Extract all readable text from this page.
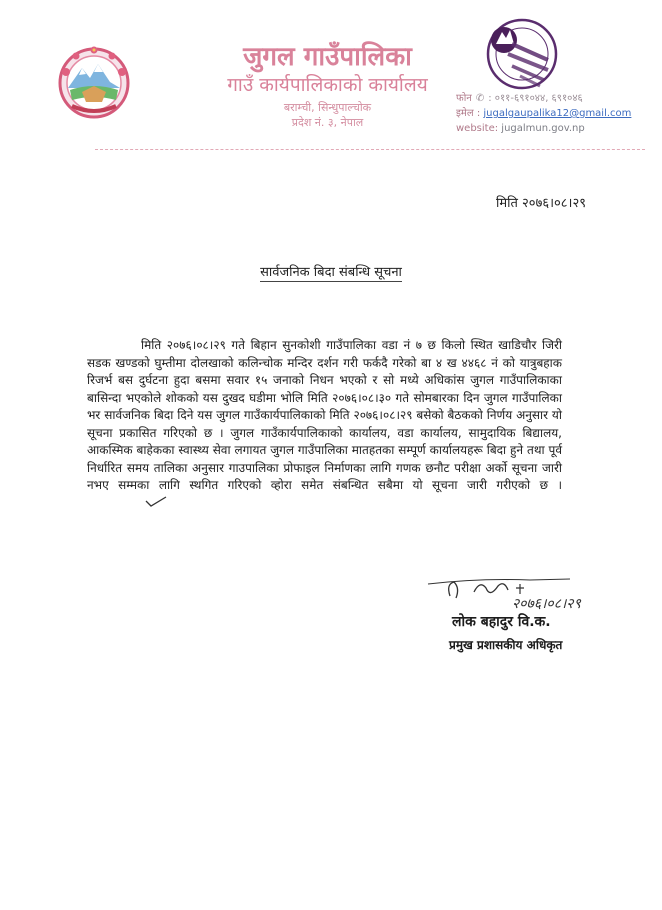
जुगल गाउँपालिका
गाउँ कार्यपालिकाको कार्यालय
बराम्ची, सिन्धुपाल्चोक
प्रदेश नं. ३, नेपाल
फोन ✆ : ०११-६९१०४४, ६९१०४६
इमेल : jugalgaupalika12@gmail.com
website: jugalmun.gov.np
मिति २०७६।०८।२९
सार्वजनिक बिदा संबन्धि सूचना
मिति २०७६।०८।२९ गते बिहान सुनकोशी गाउँपालिका वडा नं ७ छ किलो स्थित खाडिचौर जिरी सडक खण्डको घुम्तीमा दोलखाको कलिन्चोक मन्दिर दर्शन गरी फर्कदै गरेको बा ४ ख ४४६८ नं को यात्रुबहाक रिजर्भ बस दुर्घटना हुदा बसमा सवार १५ जनाको निधन भएको र सो मध्ये अधिकांस जुगल गाउँपालिकाका बासिन्दा भएकोले शोकको यस दुखद घडीमा भोलि मिति २०७६।०८।३० गते सोमबारका दिन जुगल गाउँपालिका भर सार्वजनिक बिदा दिने यस जुगल गाउँकार्यपालिकाको मिति २०७६।०८।२९ बसेको बैठकको निर्णय अनुसार यो सूचना प्रकासित गरिएको छ । जुगल गाउँकार्यपालिकाको कार्यालय, वडा कार्यालय, सामुदायिक बिद्यालय, आकस्मिक बाहेकका स्वास्थ्य सेवा लगायत जुगल गाउँपालिका मातहतका सम्पूर्ण कार्यालयहरू बिदा हुने तथा पूर्व निर्धारित समय तालिका अनुसार गाउपालिका प्रोफाइल निर्माणका लागि गणक छनौट परीक्षा अर्को सूचना जारी नभए सम्मका लागि स्थगित गरिएको व्होरा समेत संबन्धित सबैमा यो सूचना जारी गरीएको छ ।
२०७६।०८।२९
लोक बहादुर वि.क.
प्रमुख प्रशासकीय अधिकृत
